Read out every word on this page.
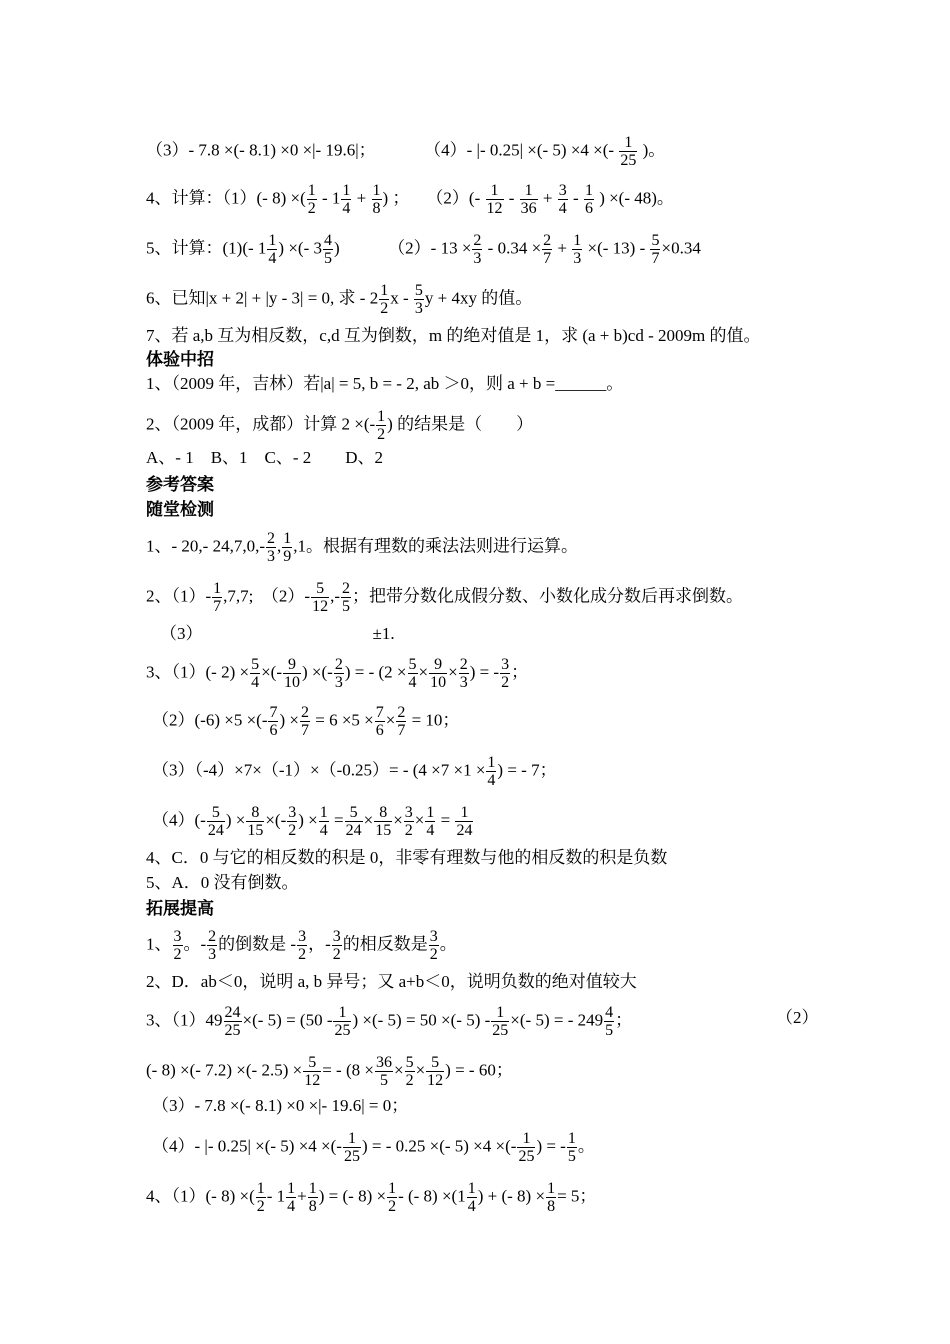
（3）- 7.8 ×(- 8.1) ×0 ×|- 19.6|；	（4）- |- 0.25| ×(- 5) ×4 ×(- $\frac{1}{25}$ )。
4、计算：（1）(- 8) ×( $\frac{1}{2} - 1 \frac{1}{4} + \frac{1}{8}$ ) ；　　$(2)(- \frac{1}{12} - \frac{1}{36} + \frac{3}{4} - \frac{1}{6}$ ) ×(- 48)。
5、计算：(1)(- $1 \frac{1}{4}$ ) ×(- $3 \frac{4}{5}$ )	（2）- $13 \times \frac{2}{3} - 0.34 \times \frac{2}{7} + \frac{1}{3}$ ×(- $13) - \frac{5}{7} \times 0.34$
6、已知|x + 2| + |y - 3| = 0, 求 - $2 \frac{1}{2}$ x - $\frac{5}{3}$ y + 4xy 的值。
7、若 a,b 互为相反数，c,d 互为倒数，m 的绝对值是 1，求 (a + b)cd - 2009m 的值。
体验中招
1、（2009 年，吉林）若|a| = 5, b = - 2, ab ＞0，则 a + b =______。
2、（2009 年，成都）计算 2 ×(- $\frac{1}{2}$ ) 的结果是（　　）
A、- 1　B、1　C、- 2　　D、2
参考答案
随堂检测
1、- 20,- $24,7,0,- \frac{2}{3}$ , $\frac{1}{9} ,1$。根据有理数的乘法法则进行运算。
2、$(1)- \frac{1}{7} ,7,7$;　$(2)- \frac{5}{12}$ ,- $\frac{2}{5}$ ；把带分数化成假分数、小数化成分数后再求倒数。
（3）	±1.
3、（1）(- $2) \times \frac{5}{4}$ ×(- $\frac{9}{10}$ ) ×(- $\frac{2}{3}$ ) = - ($2 \times \frac{5}{4} \times \frac{9}{10} \times \frac{2}{3}$ ) = - $\frac{3}{2}$ ；
（2）(-6) ×5 ×(- $\frac{7}{6}$ ) × $\frac{2}{7} = 6 \times 5 \times \frac{7}{6} \times \frac{2}{7} = 10$；
$(3)(-4)\times 7\times(-1)\times(-0.25)= - (4 \times 7 \times 1 \times \frac{1}{4}$ ) = - 7；
$(4)(- \frac{5}{24}$ ) × $\frac{8}{15}$ ×(- $\frac{3}{2}$ ) × $\frac{1}{4} = \frac{5}{24} \times \frac{8}{15} \times \frac{3}{2} \times \frac{1}{4} = \frac{1}{24}$
4、C．0 与它的相反数的积是 0，非零有理数与他的相反数的积是负数
5、A．0 没有倒数。
拓展提高
1、 $\frac{3}{2}$ 。- $\frac{2}{3}$ 的倒数是 - $\frac{3}{2}$ ，- $\frac{3}{2}$ 的相反数是 $\frac{3}{2}$ 。
2、D．ab＜0，说明 a, b 异号；又 a+b＜0，说明负数的绝对值较大
3、$(1)49 \frac{24}{25}$ ×(- $5) = (50 - \frac{1}{25}$ ) ×(- 5) = 50 ×(- $5) - \frac{1}{25}$ ×(- 5) = - $249 \frac{4}{5}$ ；	（2）
(- 8) ×(- 7.2) ×(- $2.5) \times \frac{5}{12}$ = - ($8 \times \frac{36}{5} \times \frac{5}{2} \times \frac{5}{12}$ ) = - 60；
（3）- 7.8 ×(- 8.1) ×0 ×|- 19.6| = 0；
（4）- |- 0.25| ×(- 5) ×4 ×(- $\frac{1}{25}$ ) = - 0.25 ×(- 5) ×4 ×(- $\frac{1}{25}$ ) = - $\frac{1}{5}$ 。
4、（1）(- 8) ×( $\frac{1}{2} - 1 \frac{1}{4} + \frac{1}{8}$ ) = (- $8) \times \frac{1}{2}$ - (- $8) \times(1 \frac{1}{4}$ ) + (- $8) \times \frac{1}{8} = 5$；
